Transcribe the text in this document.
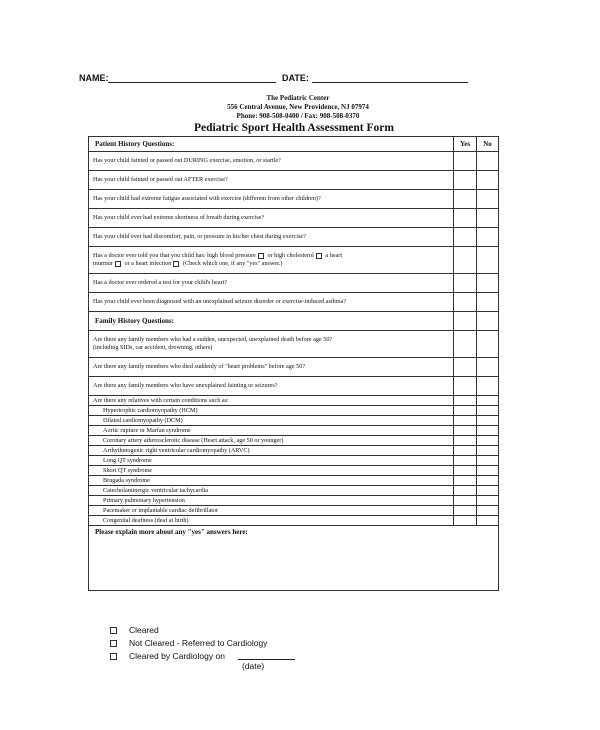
NAME:	DATE:
The Pediatric Center
556 Central Avenue, New Providence, NJ 07974
Phone: 908-508-0400 / Fax: 908-508-0370
Pediatric Sport Health Assessment Form
Patient History Questions:	Yes	No
Has your child fainted or passed out DURING exercise, emotion, or startle?		
Has your child fainted or passed out AFTER exercise?		
Has your child had extreme fatigue associated with exercise (different from other children)?		
Has your child ever had extreme shortness of breath during exercise?		
Has your child ever had discomfort, pain, or pressure in his/her chest during exercise?		

Has a doctor ever told you that you child has: high blood pressure or high cholesterol a heart
murmur or a heart infection (Check which one, if any "yes" answer.)		

Has a doctor ever ordered a test for your child's heart?		
Has your child ever been diagnosed with an unexplained seizure disorder or exercise-induced asthma?		
Family History Questions:		

Are there any family members who had a sudden, unexpected, unexplained death before age 50?
(including SIDs, car accident, drowning, others)		

Are there any family members who died suddenly of "heart problems" before age 50?		
Are there any family members who have unexplained fainting or seizures?		
Are there any relatives with certain conditions such as:		
Hypertrophic cardiomyopathy (HCM)		
Dilated cardiomyopathy (DCM)		
Aortic rupture or Marfan syndrome		
Coronary artery atherosclerotic disease (Heart attack, age 50 or younger)		
Arrhythmogenic right ventricular cardiomyopathy (ARVC)		
Long QT syndrome		
Short QT syndrome		
Brugada syndrome		
Catecholaminergic ventricular tachycardia		
Primary pulmonary hypertension		
Pacemaker or implantable cardiac defibrillator		
Congenital deafness (deaf at birth)		
Please explain more about any "yes" answers here:		
Cleared
Not Cleared - Referred to Cardiology
Cleared by Cardiology on
(date)
